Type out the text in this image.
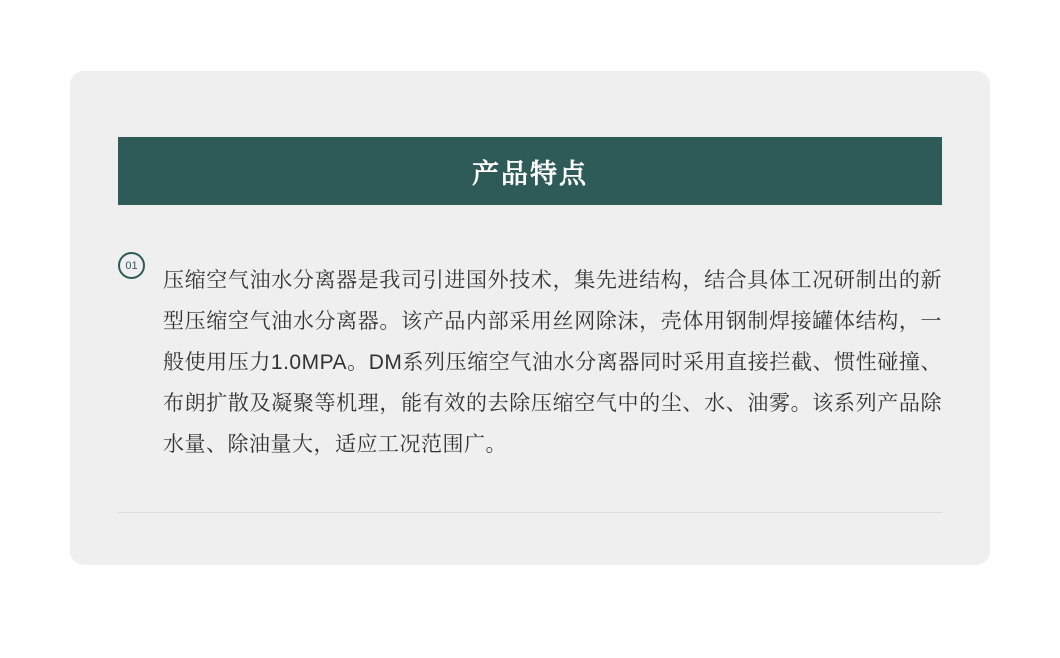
产品特点
01

压缩空气油水分离器是我司引进国外技术，集先进结构，结合具体工况研制出的新型压缩空气油水分离器。该产品内部采用丝网除沫，壳体用钢制焊接罐体结构，一般使用压力1.0MPA。DM系列压缩空气油水分离器同时采用直接拦截、惯性碰撞、布朗扩散及凝聚等机理，能有效的去除压缩空气中的尘、水、油雾。该系列产品除水量、除油量大，适应工况范围广。
